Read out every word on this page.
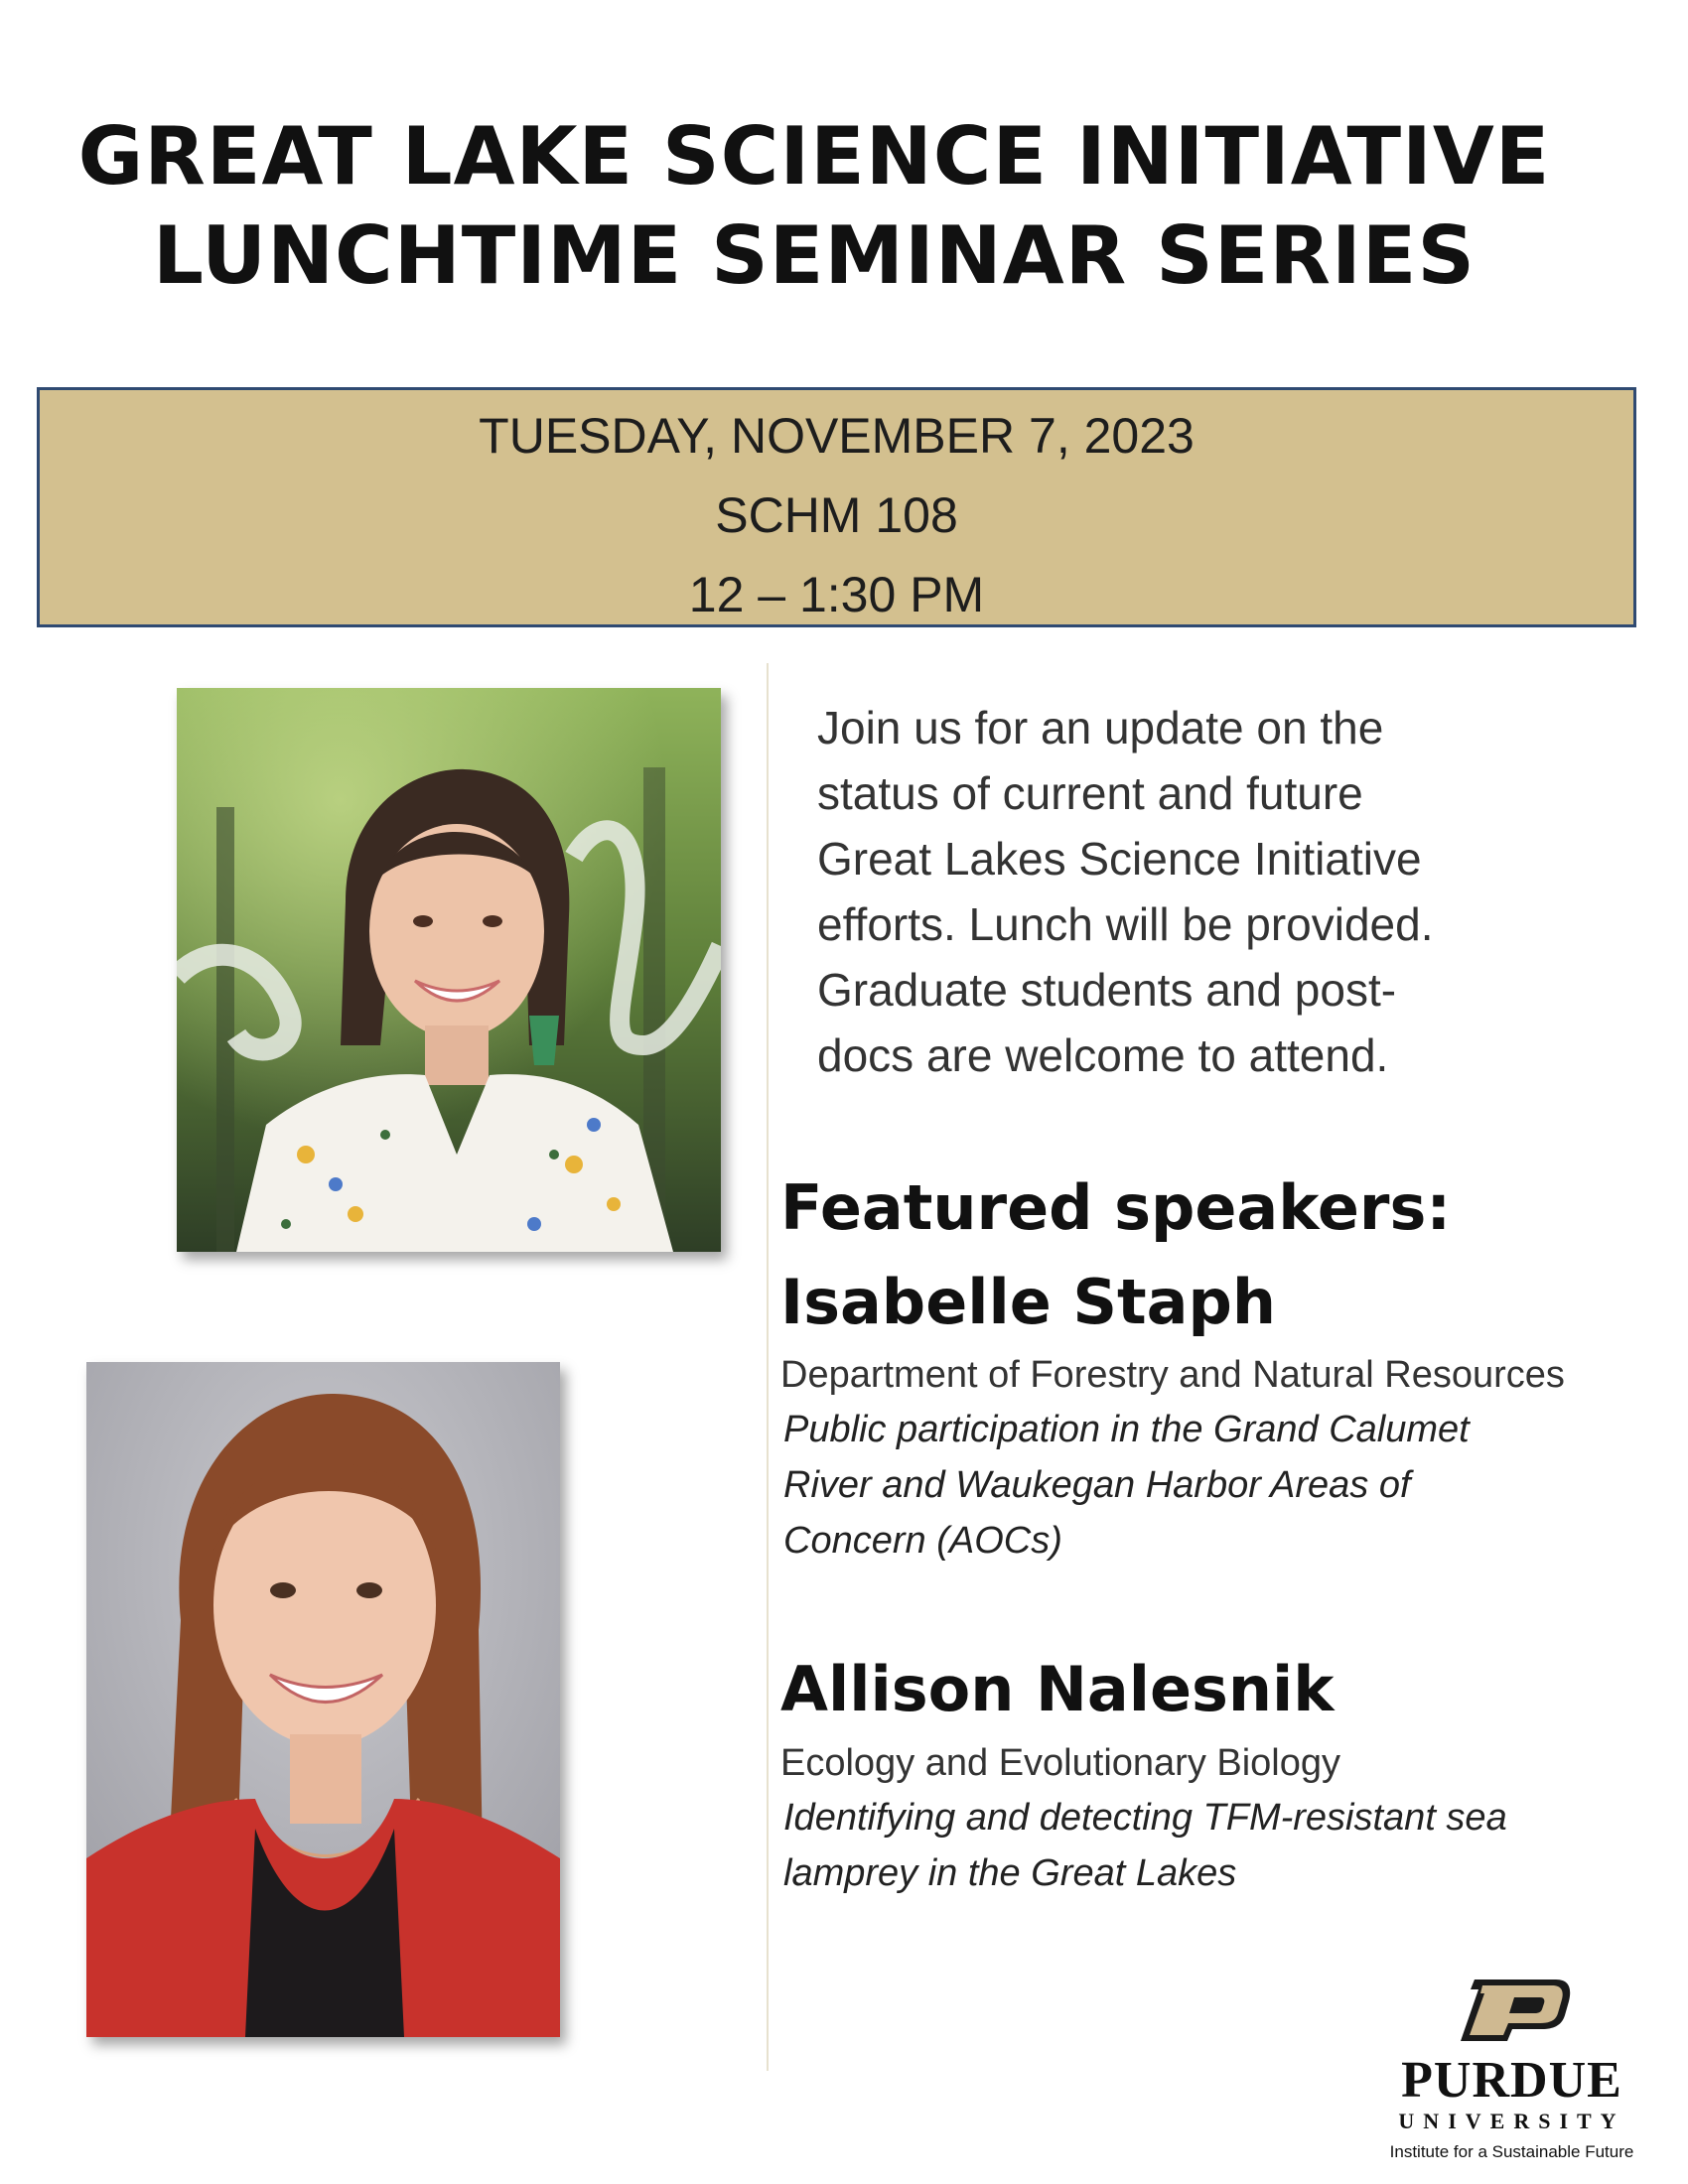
GREAT LAKE SCIENCE INITIATIVE
LUNCHTIME SEMINAR SERIES
TUESDAY, NOVEMBER 7, 2023
SCHM 108
12 – 1:30 PM
Join us for an update on the
status of current and future
Great Lakes Science Initiative
efforts. Lunch will be provided.
Graduate students and post-
docs are welcome to attend.
Featured speakers:
Isabelle Staph
Department of Forestry and Natural Resources
Public participation in the Grand Calumet
River and Waukegan Harbor Areas of
Concern (AOCs)
Allison Nalesnik
Ecology and Evolutionary Biology
Identifying and detecting TFM-resistant sea
lamprey in the Great Lakes
PURDUE
UNIVERSITY
Institute for a Sustainable Future
